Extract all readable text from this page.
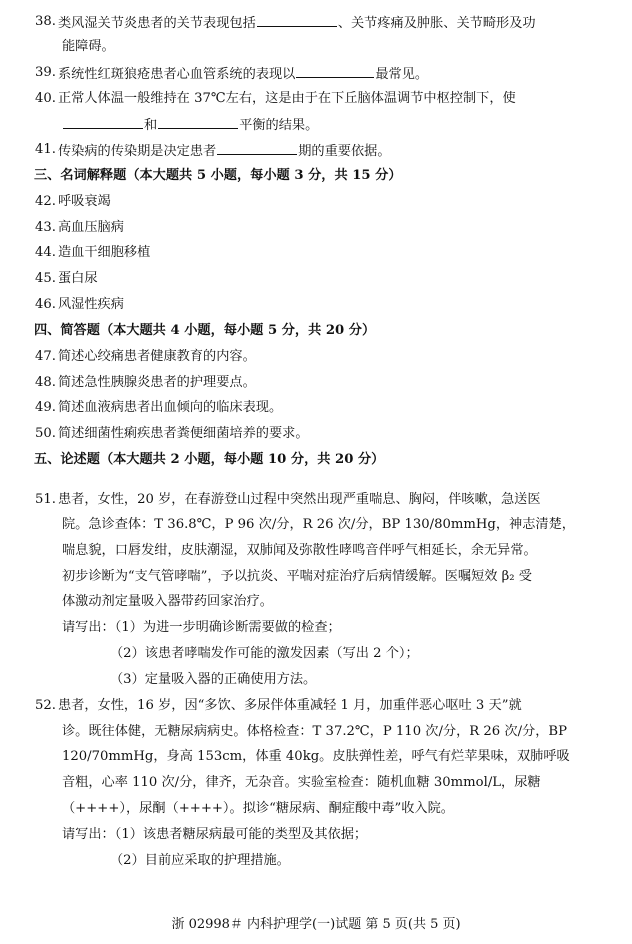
38. 类风湿关节炎患者的关节表现包括	、关节疼痛及肿胀、关节畸形及功
能障碍。
39. 系统性红斑狼疮患者心血管系统的表现以	最常见。
40. 正常人体温一般维持在 37℃左右，这是由于在下丘脑体温调节中枢控制下，使
和	平衡的结果。
41. 传染病的传染期是决定患者	期的重要依据。
三、名词解释题（本大题共 5 小题，每小题 3 分，共 15 分）
42. 呼吸衰竭
43. 高血压脑病
44. 造血干细胞移植
45. 蛋白尿
46. 风湿性疾病
四、简答题（本大题共 4 小题，每小题 5 分，共 20 分）
47. 简述心绞痛患者健康教育的内容。
48. 简述急性胰腺炎患者的护理要点。
49. 简述血液病患者出血倾向的临床表现。
50. 简述细菌性痢疾患者粪便细菌培养的要求。
五、论述题（本大题共 2 小题，每小题 10 分，共 20 分）
51. 患者，女性，20 岁，在春游登山过程中突然出现严重喘息、胸闷，伴咳嗽，急送医
院。急诊查体：T 36.8℃，P 96 次/分，R 26 次/分，BP 130/80mmHg，神志清楚，
喘息貌，口唇发绀，皮肤潮湿，双肺闻及弥散性哮鸣音伴呼气相延长，余无异常。
初步诊断为“支气管哮喘”，予以抗炎、平喘对症治疗后病情缓解。医嘱短效 β₂ 受
体激动剂定量吸入器带药回家治疗。
请写出：（1）为进一步明确诊断需要做的检查；
（2）该患者哮喘发作可能的激发因素（写出 2 个）；
（3）定量吸入器的正确使用方法。
52. 患者，女性，16 岁，因“多饮、多尿伴体重减轻 1 月，加重伴恶心呕吐 3 天”就
诊。既往体健，无糖尿病病史。体格检查：T 37.2℃，P 110 次/分，R 26 次/分，BP
120/70mmHg，身高 153cm，体重 40kg。皮肤弹性差，呼气有烂苹果味，双肺呼吸
音粗，心率 110 次/分，律齐，无杂音。实验室检查：随机血糖 30mmol/L，尿糖
（++++），尿酮（++++）。拟诊“糖尿病、酮症酸中毒”收入院。
请写出：（1）该患者糖尿病最可能的类型及其依据；
（2）目前应采取的护理措施。
浙 02998＃ 内科护理学(一)试题 第 5 页(共 5 页)
